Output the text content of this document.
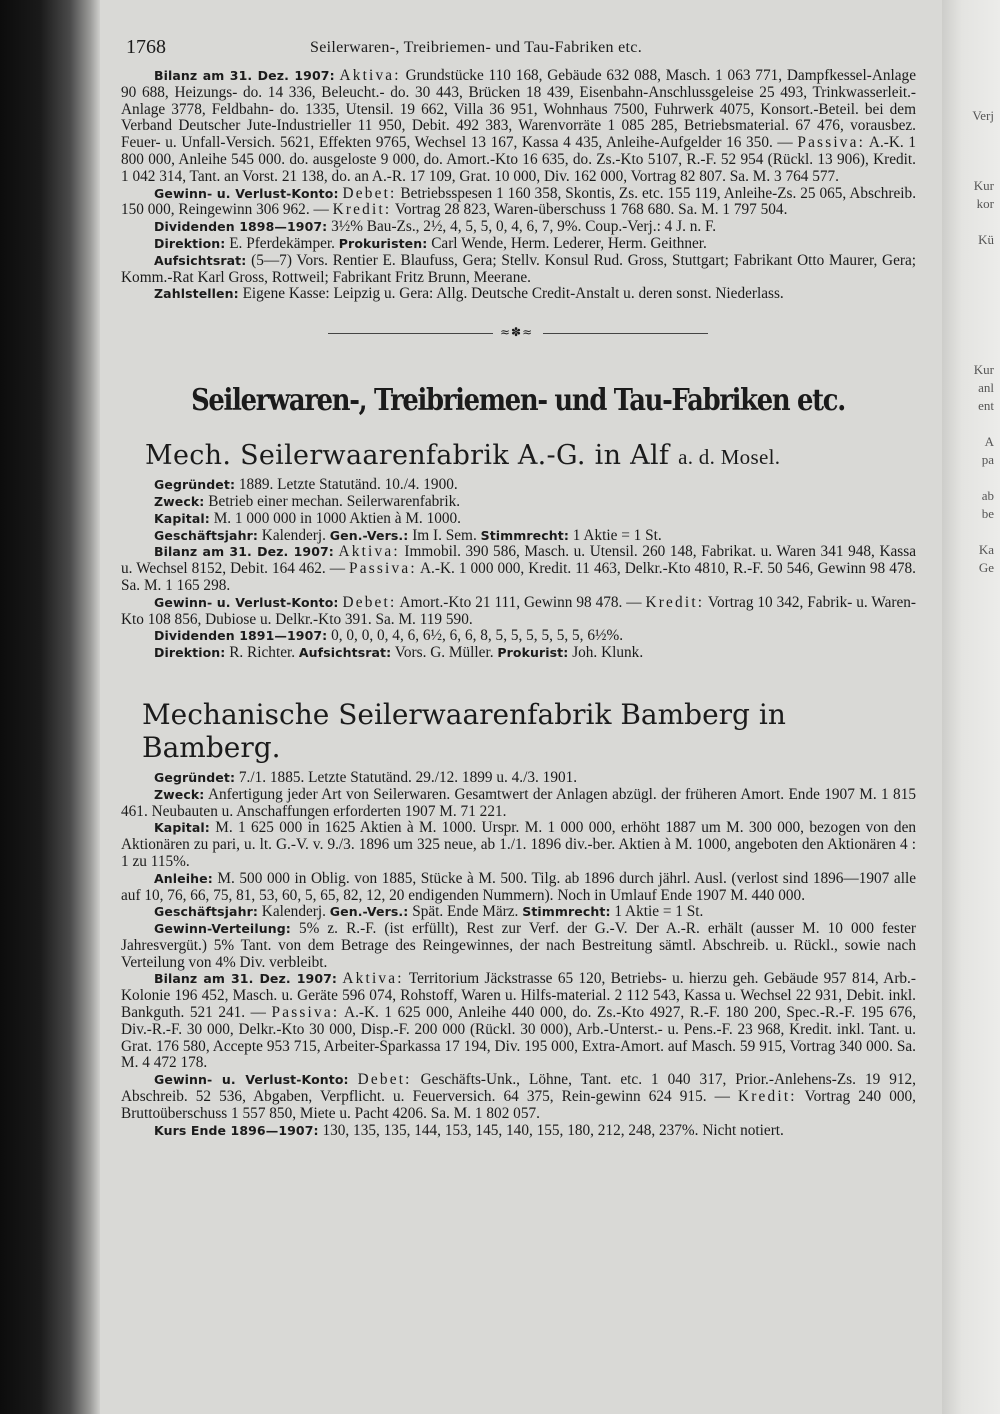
Verj
Kur
kor
Kü
Kur
anl
ent
A
pa
ab
be
Ka
Ge
1768	Seilerwaren-, Treibriemen- und Tau-Fabriken etc.

Bilanz am 31. Dez. 1907: Aktiva: Grundstücke 110 168, Gebäude 632 088, Masch. 1 063 771, Dampfkessel-Anlage 90 688, Heizungs- do. 14 336, Beleucht.- do. 30 443, Brücken 18 439, Eisenbahn-Anschlussgeleise 25 493, Trinkwasserleit.-Anlage 3778, Feldbahn- do. 1335, Utensil. 19 662, Villa 36 951, Wohnhaus 7500, Fuhrwerk 4075, Konsort.-Beteil. bei dem Verband Deutscher Jute-Industrieller 11 950, Debit. 492 383, Warenvorräte 1 085 285, Betriebsmaterial. 67 476, vorausbez. Feuer- u. Unfall-Versich. 5621, Effekten 9765, Wechsel 13 167, Kassa 4 435, Anleihe-Aufgelder 16 350. — Passiva: A.-K. 1 800 000, Anleihe 545 000. do. ausgeloste 9 000, do. Amort.-Kto 16 635, do. Zs.-Kto 5107, R.-F. 52 954 (Rückl. 13 906), Kredit. 1 042 314, Tant. an Vorst. 21 138, do. an A.-R. 17 109, Grat. 10 000, Div. 162 000, Vortrag 82 807. Sa. M. 3 764 577.

Gewinn- u. Verlust-Konto: Debet: Betriebsspesen 1 160 358, Skontis, Zs. etc. 155 119, Anleihe-Zs. 25 065, Abschreib. 150 000, Reingewinn 306 962. — Kredit: Vortrag 28 823, Waren-überschuss 1 768 680. Sa. M. 1 797 504.

Dividenden 1898—1907: 3½% Bau-Zs., 2½, 4, 5, 5, 0, 4, 6, 7, 9%. Coup.-Verj.: 4 J. n. F.

Direktion: E. Pferdekämper. Prokuristen: Carl Wende, Herm. Lederer, Herm. Geithner.

Aufsichtsrat: (5—7) Vors. Rentier E. Blaufuss, Gera; Stellv. Konsul Rud. Gross, Stuttgart; Fabrikant Otto Maurer, Gera; Komm.-Rat Karl Gross, Rottweil; Fabrikant Fritz Brunn, Meerane.

Zahlstellen: Eigene Kasse: Leipzig u. Gera: Allg. Deutsche Credit-Anstalt u. deren sonst. Niederlass.

≈✽≈
Seilerwaren-, Treibriemen- und Tau-Fabriken etc.
Mech. Seilerwaarenfabrik A.-G. in Alf a. d. Mosel.

Gegründet: 1889. Letzte Statutänd. 10./4. 1900.

Zweck: Betrieb einer mechan. Seilerwarenfabrik.

Kapital: M. 1 000 000 in 1000 Aktien à M. 1000.

Geschäftsjahr: Kalenderj. Gen.-Vers.: Im I. Sem. Stimmrecht: 1 Aktie = 1 St.

Bilanz am 31. Dez. 1907: Aktiva: Immobil. 390 586, Masch. u. Utensil. 260 148, Fabrikat. u. Waren 341 948, Kassa u. Wechsel 8152, Debit. 164 462. — Passiva: A.-K. 1 000 000, Kredit. 11 463, Delkr.-Kto 4810, R.-F. 50 546, Gewinn 98 478. Sa. M. 1 165 298.

Gewinn- u. Verlust-Konto: Debet: Amort.-Kto 21 111, Gewinn 98 478. — Kredit: Vortrag 10 342, Fabrik- u. Waren-Kto 108 856, Dubiose u. Delkr.-Kto 391. Sa. M. 119 590.

Dividenden 1891—1907: 0, 0, 0, 0, 4, 6, 6½, 6, 6, 8, 5, 5, 5, 5, 5, 5, 6½%.

Direktion: R. Richter. Aufsichtsrat: Vors. G. Müller. Prokurist: Joh. Klunk.

Mechanische Seilerwaarenfabrik Bamberg in Bamberg.

Gegründet: 7./1. 1885. Letzte Statutänd. 29./12. 1899 u. 4./3. 1901.

Zweck: Anfertigung jeder Art von Seilerwaren. Gesamtwert der Anlagen abzügl. der früheren Amort. Ende 1907 M. 1 815 461. Neubauten u. Anschaffungen erforderten 1907 M. 71 221.

Kapital: M. 1 625 000 in 1625 Aktien à M. 1000. Urspr. M. 1 000 000, erhöht 1887 um M. 300 000, bezogen von den Aktionären zu pari, u. lt. G.-V. v. 9./3. 1896 um 325 neue, ab 1./1. 1896 div.-ber. Aktien à M. 1000, angeboten den Aktionären 4 : 1 zu 115%.

Anleihe: M. 500 000 in Oblig. von 1885, Stücke à M. 500. Tilg. ab 1896 durch jährl. Ausl. (verlost sind 1896—1907 alle auf 10, 76, 66, 75, 81, 53, 60, 5, 65, 82, 12, 20 endigenden Nummern). Noch in Umlauf Ende 1907 M. 440 000.

Geschäftsjahr: Kalenderj. Gen.-Vers.: Spät. Ende März. Stimmrecht: 1 Aktie = 1 St.

Gewinn-Verteilung: 5% z. R.-F. (ist erfüllt), Rest zur Verf. der G.-V. Der A.-R. erhält (ausser M. 10 000 fester Jahresvergüt.) 5% Tant. von dem Betrage des Reingewinnes, der nach Bestreitung sämtl. Abschreib. u. Rückl., sowie nach Verteilung von 4% Div. verbleibt.

Bilanz am 31. Dez. 1907: Aktiva: Territorium Jäckstrasse 65 120, Betriebs- u. hierzu geh. Gebäude 957 814, Arb.-Kolonie 196 452, Masch. u. Geräte 596 074, Rohstoff, Waren u. Hilfs-material. 2 112 543, Kassa u. Wechsel 22 931, Debit. inkl. Bankguth. 521 241. — Passiva: A.-K. 1 625 000, Anleihe 440 000, do. Zs.-Kto 4927, R.-F. 180 200, Spec.-R.-F. 195 676, Div.-R.-F. 30 000, Delkr.-Kto 30 000, Disp.-F. 200 000 (Rückl. 30 000), Arb.-Unterst.- u. Pens.-F. 23 968, Kredit. inkl. Tant. u. Grat. 176 580, Accepte 953 715, Arbeiter-Sparkassa 17 194, Div. 195 000, Extra-Amort. auf Masch. 59 915, Vortrag 340 000. Sa. M. 4 472 178.

Gewinn- u. Verlust-Konto: Debet: Geschäfts-Unk., Löhne, Tant. etc. 1 040 317, Prior.-Anlehens-Zs. 19 912, Abschreib. 52 536, Abgaben, Verpflicht. u. Feuerversich. 64 375, Rein-gewinn 624 915. — Kredit: Vortrag 240 000, Bruttoüberschuss 1 557 850, Miete u. Pacht 4206. Sa. M. 1 802 057.

Kurs Ende 1896—1907: 130, 135, 135, 144, 153, 145, 140, 155, 180, 212, 248, 237%. Nicht notiert.
